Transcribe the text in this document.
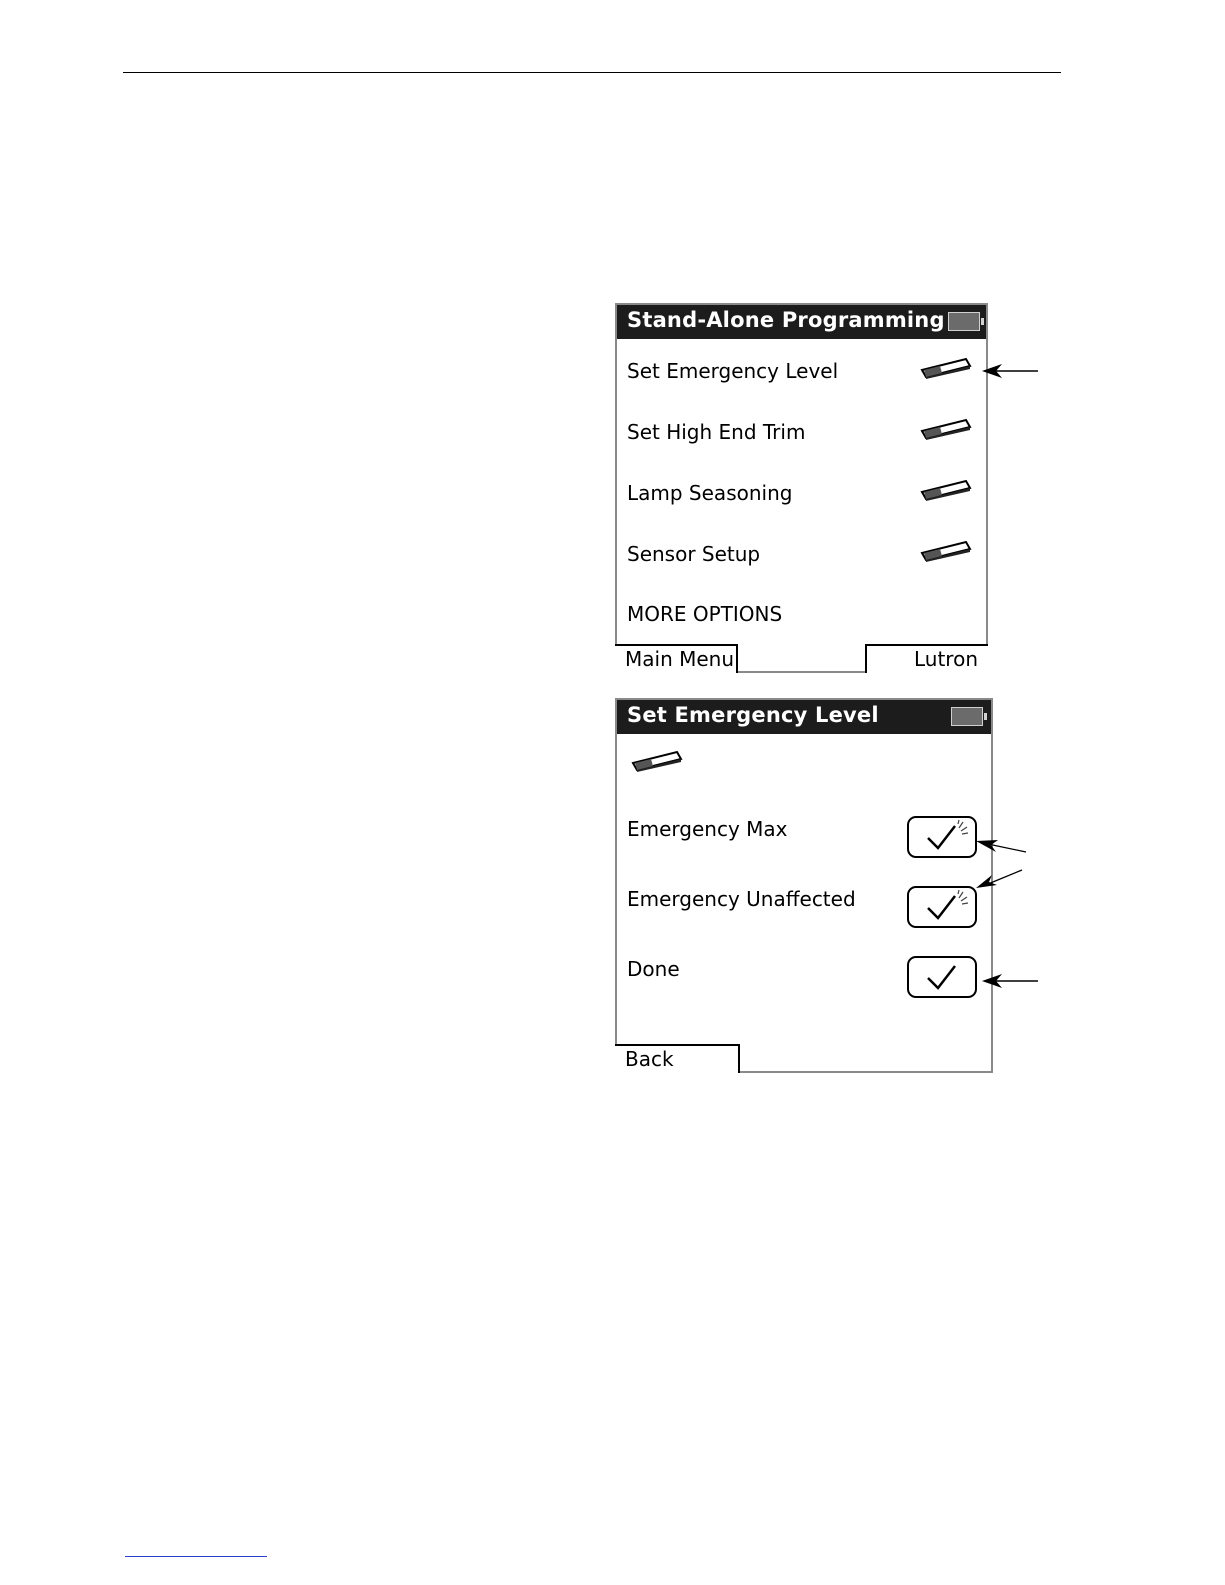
Stand-Alone Programming
Set Emergency Level
Set High End Trim
Lamp Seasoning
Sensor Setup
MORE OPTIONS
Main Menu	Lutron
Set Emergency Level
Emergency Max
Emergency Unaffected
Done
Back
